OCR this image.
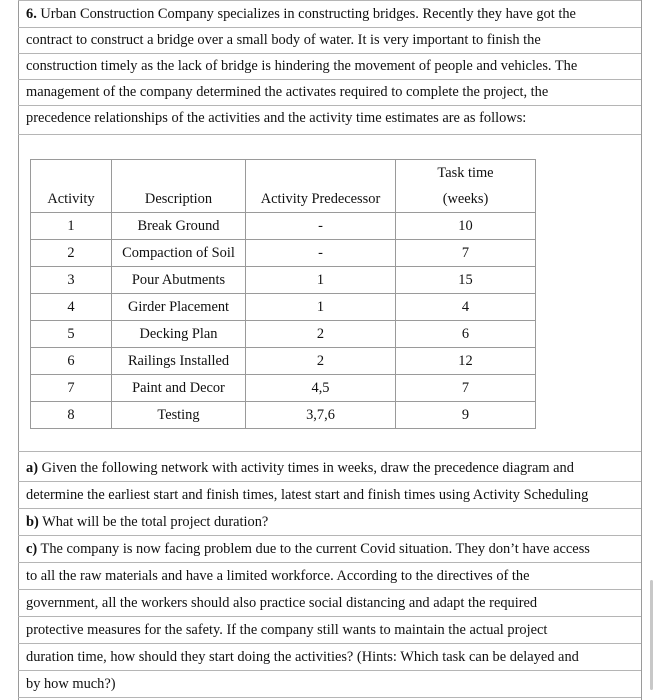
6. Urban Construction Company specializes in constructing bridges. Recently they have got the
contract to construct a bridge over a small body of water. It is very important to finish the
construction timely as the lack of bridge is hindering the movement of people and vehicles. The
management of the company determined the activates required to complete the project, the
precedence relationships of the activities and the activity time estimates are as follows:
			Task time
Activity	Description	Activity Predecessor	(weeks)
1	Break Ground	-	10
2	Compaction of Soil	-	7
3	Pour Abutments	1	15
4	Girder Placement	1	4
5	Decking Plan	2	6
6	Railings Installed	2	12
7	Paint and Decor	4,5	7
8	Testing	3,7,6	9
a) Given the following network with activity times in weeks, draw the precedence diagram and
determine the earliest start and finish times, latest start and finish times using Activity Scheduling
b) What will be the total project duration?
c) The company is now facing problem due to the current Covid situation. They don’t have access
to all the raw materials and have a limited workforce. According to the directives of the
government, all the workers should also practice social distancing and adapt the required
protective measures for the safety. If the company still wants to maintain the actual project
duration time, how should they start doing the activities? (Hints: Which task can be delayed and
by how much?)
